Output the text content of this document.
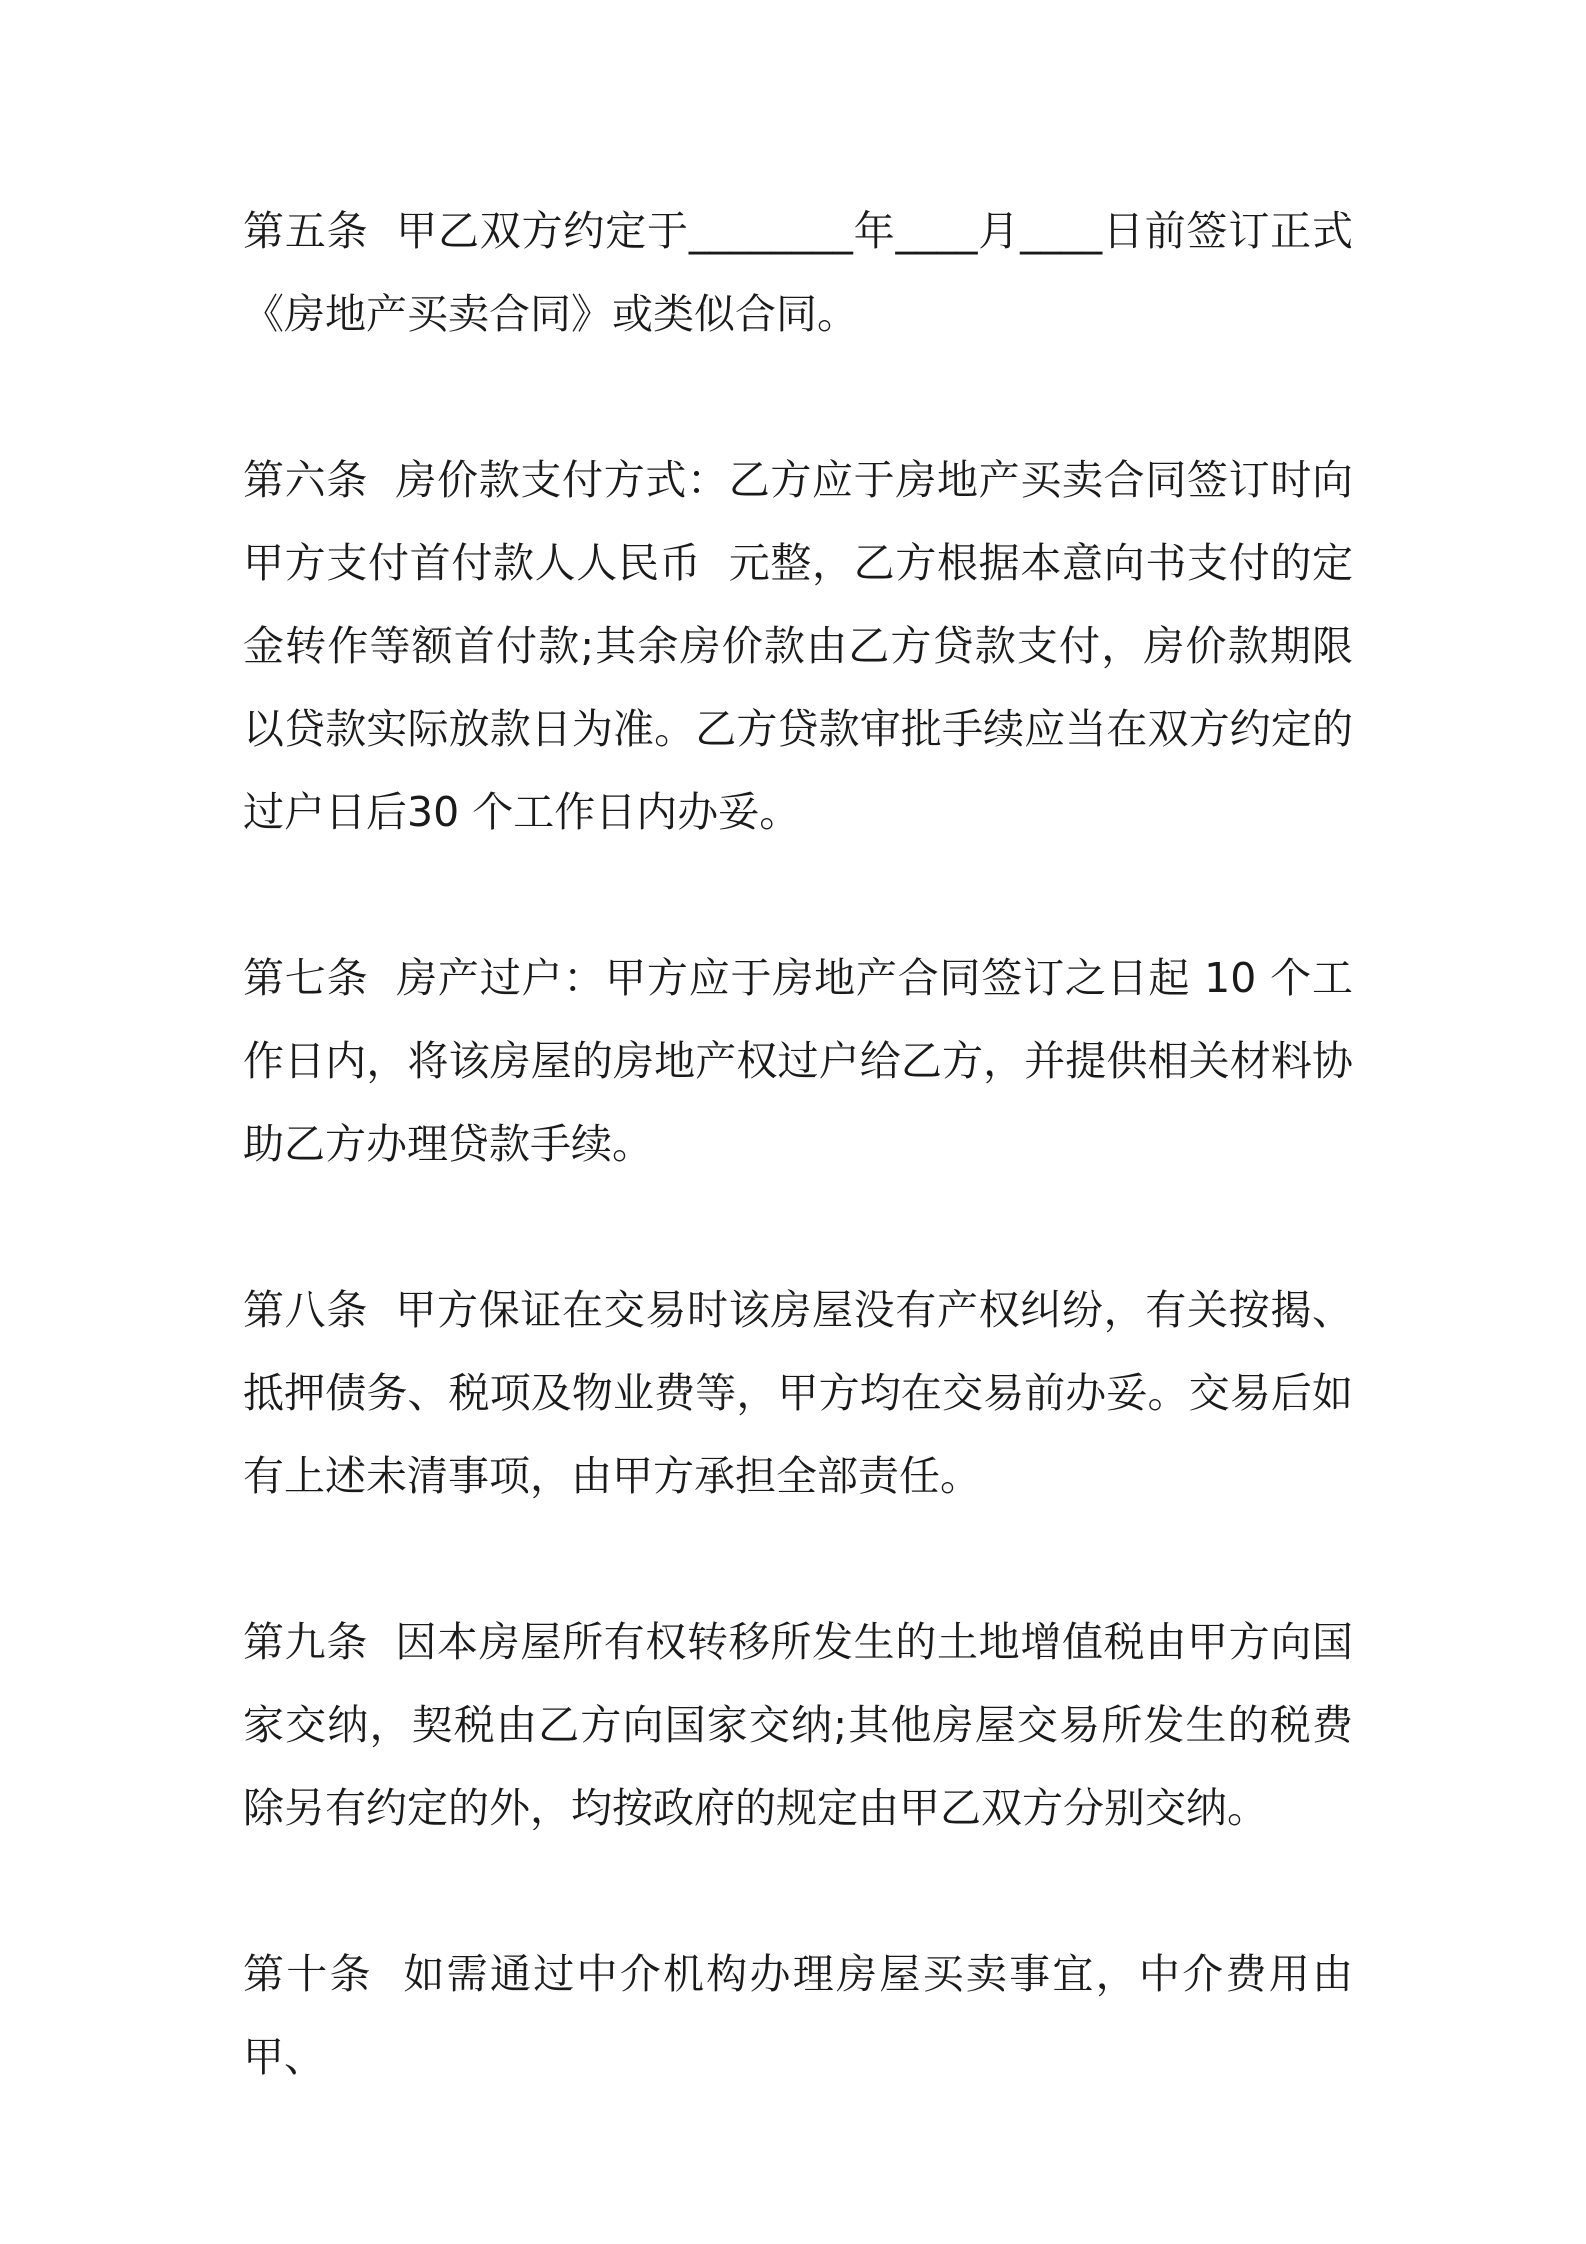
第五条  甲乙双方约定于________年____月____日前签订正式《房地产买卖合同》或类似合同。

第六条  房价款支付方式：乙方应于房地产买卖合同签订时向甲方支付首付款人人民币  元整，乙方根据本意向书支付的定金转作等额首付款;其余房价款由乙方贷款支付，房价款期限以贷款实际放款日为准。乙方贷款审批手续应当在双方约定的过户日后30 个工作日内办妥。

第七条  房产过户：甲方应于房地产合同签订之日起 10 个工作日内，将该房屋的房地产权过户给乙方，并提供相关材料协助乙方办理贷款手续。

第八条  甲方保证在交易时该房屋没有产权纠纷，有关按揭、抵押债务、税项及物业费等，甲方均在交易前办妥。交易后如有上述未清事项，由甲方承担全部责任。

第九条  因本房屋所有权转移所发生的土地增值税由甲方向国家交纳，契税由乙方向国家交纳;其他房屋交易所发生的税费除另有约定的外，均按政府的规定由甲乙双方分别交纳。

第十条  如需通过中介机构办理房屋买卖事宜，中介费用由甲、
